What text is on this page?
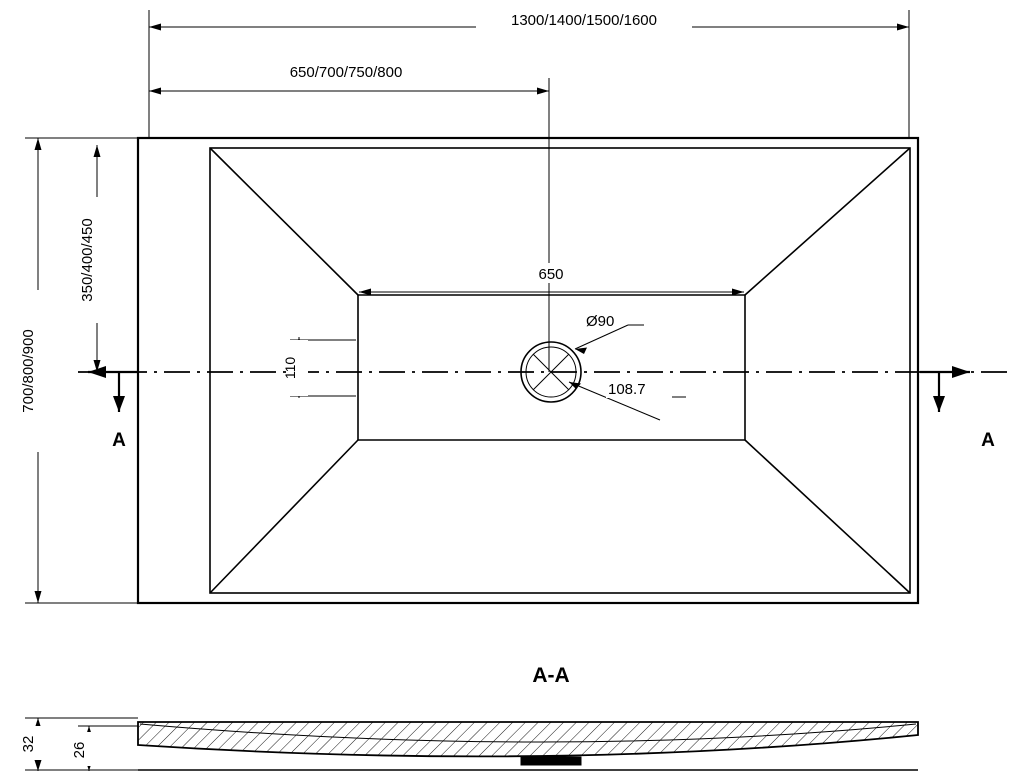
1300/1400/1500/1600
650/700/750/800
650
700/800/900
350/400/450
110
Ø90
108.7
A	A
A-A
32 26
